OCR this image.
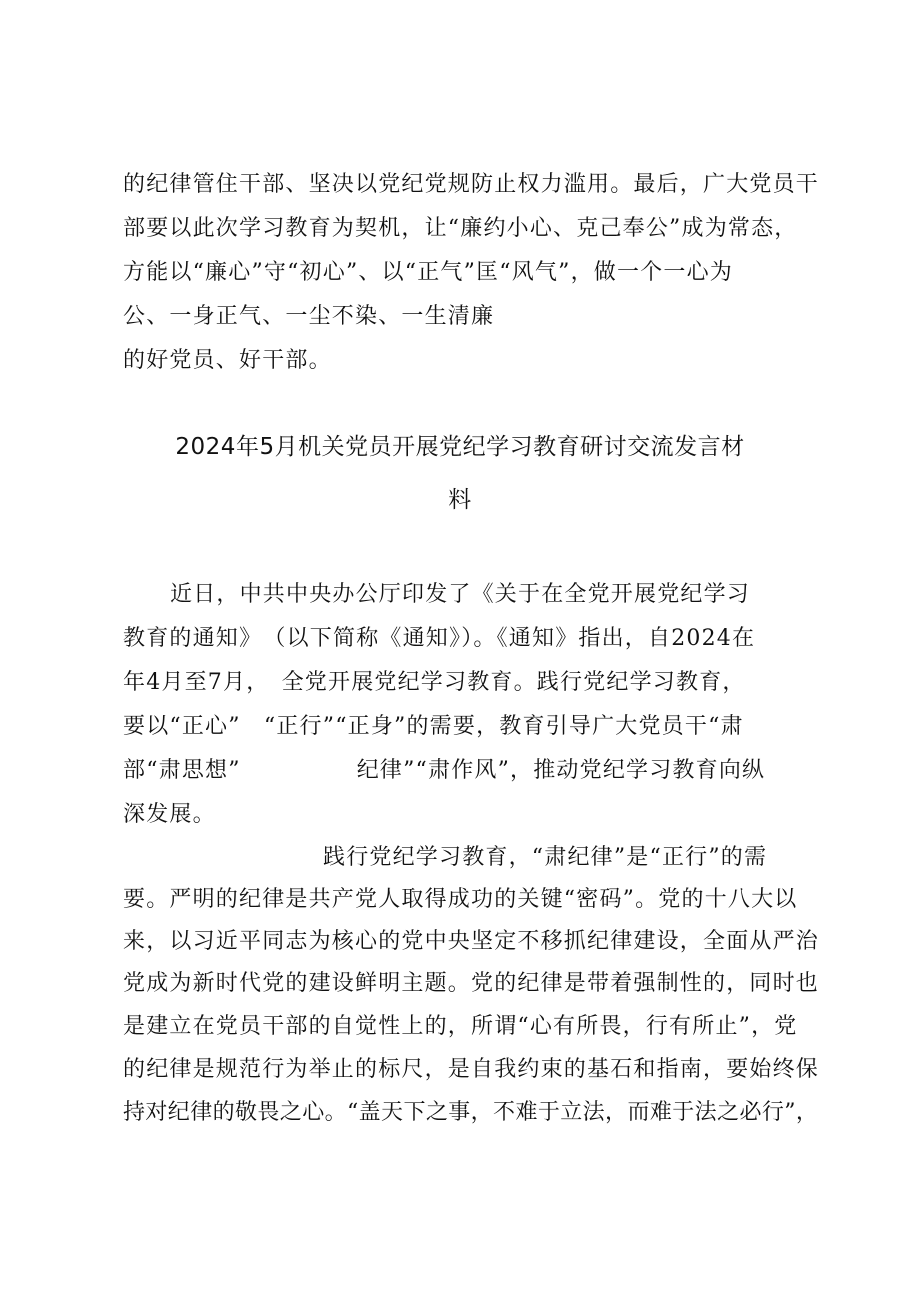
的纪律管住干部、坚决以党纪党规防止权力滥用。最后，广大党员干
部要以此次学习教育为契机，让“廉约小心、克己奉公”成为常态，
方能以“廉心”守“初心”、以“正气”匡“风气”，做一个一心为
公、一身正气、一尘不染、一生清廉
的好党员、好干部。
2024年5月机关党员开展党纪学习教育研讨交流发言材
料
近日，中共中央办公厅印发了《关于在全党开展党纪学习
教育的通知》　（以下简称《通知》）。《通知》指出，自2024在
年4月至7月，　全党开展党纪学习教育。践行党纪学习教育，
要以“正心”　“正行”“正身”的需要，教育引导广大党员干“肃
部“肃思想”　　　　　纪律”“肃作风”，推动党纪学习教育向纵
深发展。
践行党纪学习教育，“肃纪律”是“正行”的需
要。严明的纪律是共产党人取得成功的关键“密码”。党的十八大以
来，以习近平同志为核心的党中央坚定不移抓纪律建设，全面从严治
党成为新时代党的建设鲜明主题。党的纪律是带着强制性的，同时也
是建立在党员干部的自觉性上的，所谓“心有所畏，行有所止”，党
的纪律是规范行为举止的标尺，是自我约束的基石和指南，要始终保
持对纪律的敬畏之心。“盖天下之事，不难于立法，而难于法之必行”，
